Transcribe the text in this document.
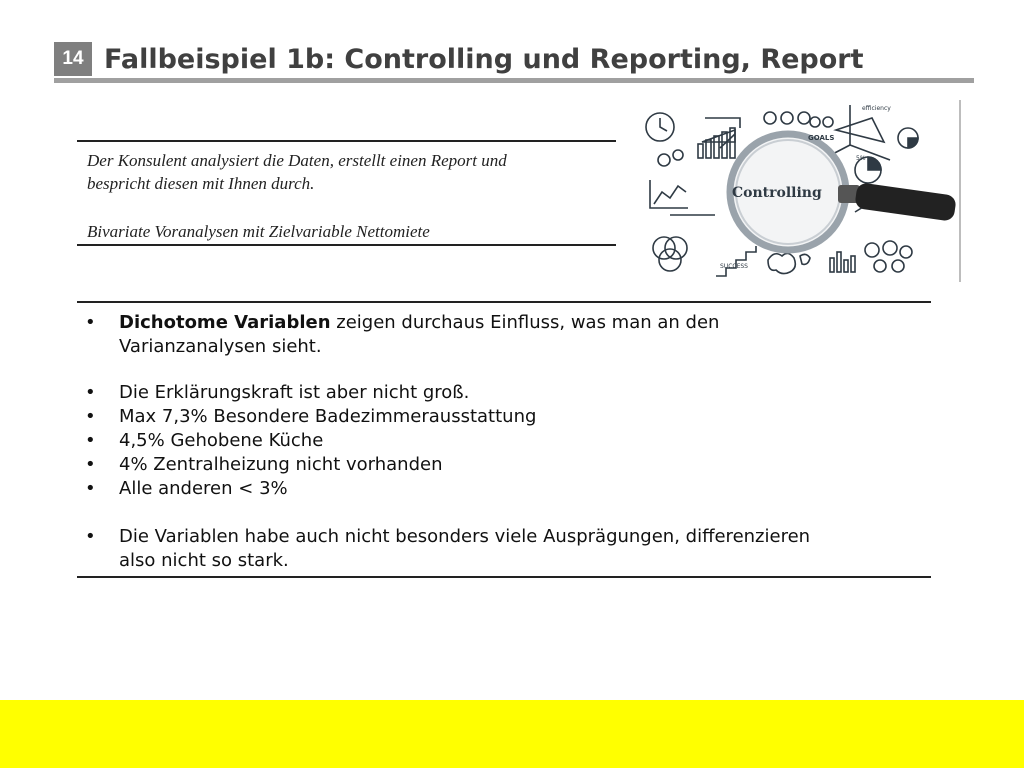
14 Fallbeispiel 1b: Controlling und Reporting, Report
Der Konsulent analysiert die Daten, erstellt einen Report und
bespricht diesen mit Ihnen durch.
Bivariate Voranalysen mit Zielvariable Nettomiete
Controlling
GOALS
efficiency
SUCCESS
5%
• Dichotome Variablen zeigen durchaus Einfluss, was man an den
Varianzanalysen sieht.
• Die Erklärungskraft ist aber nicht groß.
• Max 7,3% Besondere Badezimmerausstattung
• 4,5% Gehobene Küche
• 4% Zentralheizung nicht vorhanden
• Alle anderen < 3%
• Die Variablen habe auch nicht besonders viele Ausprägungen, differenzieren
also nicht so stark.
